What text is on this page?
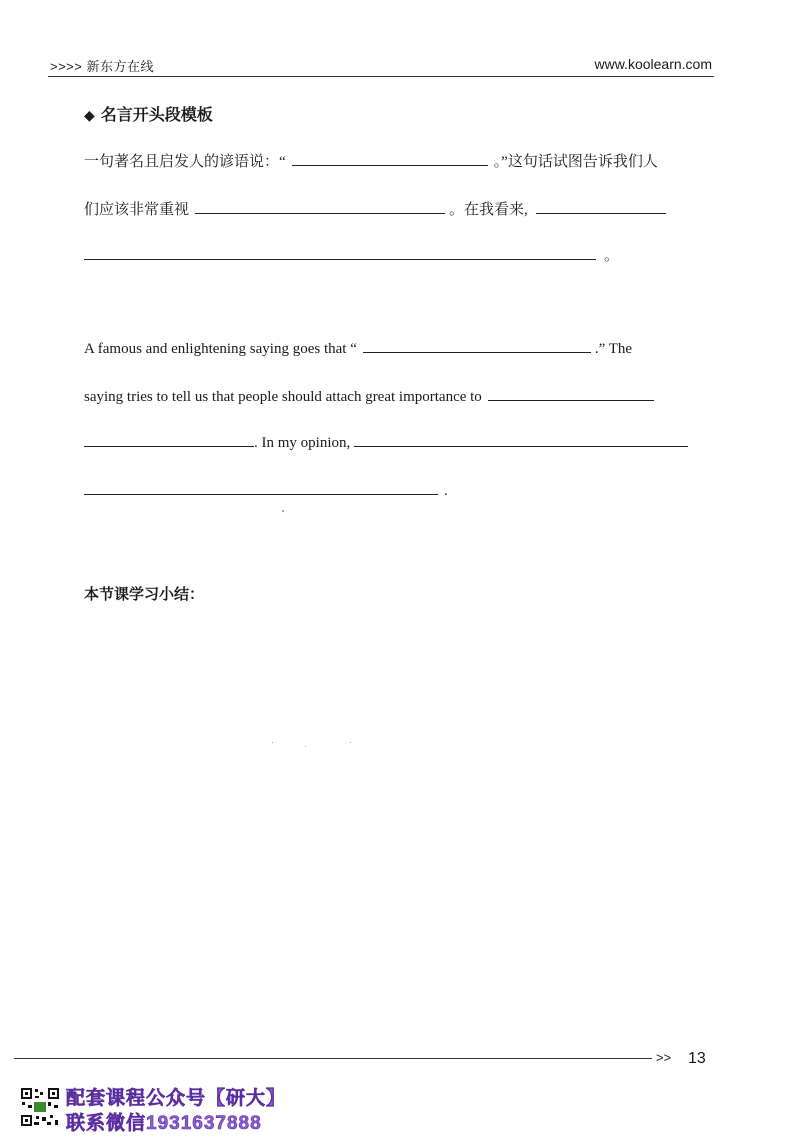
>>>> 新东方在线	www.koolearn.com
◆ 名言开头段模板
一句著名且启发人的谚语说：“	。”这句话试图告诉我们人
们应该非常重视	。在我看来,
。
A famous and enlightening saying goes that “	.” The
saying tries to tell us that people should attach great importance to
. In my opinion,
.
本节课学习小结：
>> 13
配套课程公众号【研大】
联系微信1931637888
